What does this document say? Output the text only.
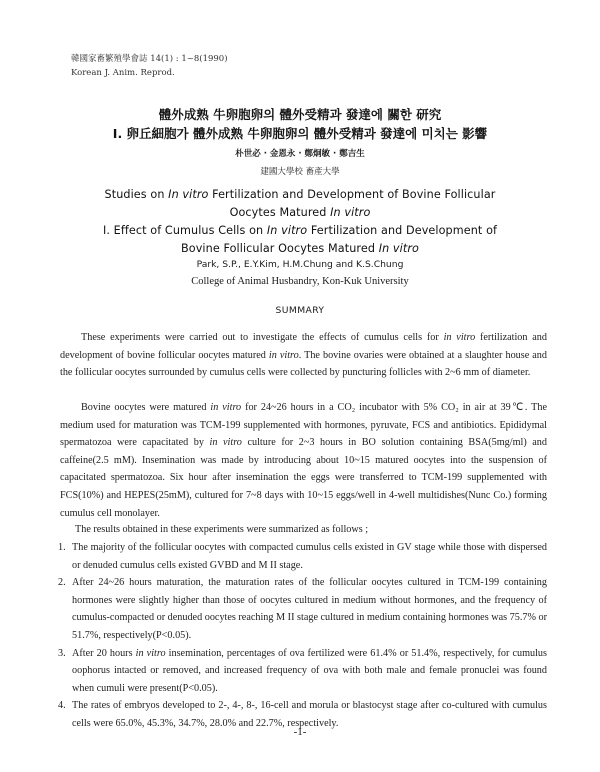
韓國家畜繁殖學會誌 14(1) : 1~8(1990)
Korean J. Anim. Reprod.
體外成熟 牛卵胞卵의 體外受精과 發達에 關한 研究
I. 卵丘細胞가 體外成熟 牛卵胞卵의 體外受精과 發達에 미치는 影響
朴世必 · 金恩永 · 鄭炯敏 · 鄭吉生
建國大學校 畜產大學
Studies on In vitro Fertilization and Development of Bovine Follicular
Oocytes Matured In vitro
I. Effect of Cumulus Cells on In vitro Fertilization and Development of
Bovine Follicular Oocytes Matured In vitro
Park, S.P., E.Y.Kim, H.M.Chung and K.S.Chung
College of Animal Husbandry, Kon-Kuk University
SUMMARY
These experiments were carried out to investigate the effects of cumulus cells for in vitro fertilization and development of bovine follicular oocytes matured in vitro. The bovine ovaries were obtained at a slaughter house and the follicular oocytes surrounded by cumulus cells were collected by puncturing follicles with 2~6 mm of diameter.
Bovine oocytes were matured in vitro for 24~26 hours in a CO₂ incubator with 5% CO₂ in air at 39℃. The medium used for maturation was TCM-199 supplemented with hormones, pyruvate, FCS and antibiotics. Epididymal spermatozoa were capacitated by in vitro culture for 2~3 hours in BO solution containing BSA(5mg/ml) and caffeine(2.5 mM). Insemination was made by introducing about 10~15 matured oocytes into the suspension of capacitated spermatozoa. Six hour after insemination the eggs were transferred to TCM-199 supplemented with FCS(10%) and HEPES(25mM), cultured for 7~8 days with 10~15 eggs/well in 4-well multidishes(Nunc Co.) forming cumulus cell monolayer.
The results obtained in these experiments were summarized as follows ;
1. The majority of the follicular oocytes with compacted cumulus cells existed in GV stage while those with dispersed or denuded cumulus cells existed GVBD and M II stage.
2. After 24~26 hours maturation, the maturation rates of the follicular oocytes cultured in TCM-199 containing hormones were slightly higher than those of oocytes cultured in medium without hormones, and the frequency of cumulus-compacted or denuded oocytes reaching M II stage cultured in medium containing hormones was 75.7% or 51.7%, respectively(P<0.05).
3. After 20 hours in vitro insemination, percentages of ova fertilized were 61.4% or 51.4%, respectively, for cumulus oophorus intacted or removed, and increased frequency of ova with both male and female pronuclei was found when cumuli were present(P<0.05).
4. The rates of embryos developed to 2-, 4-, 8-, 16-cell and morula or blastocyst stage after co-cultured with cumulus cells were 65.0%, 45.3%, 34.7%, 28.0% and 22.7%, respectively.
-1-
